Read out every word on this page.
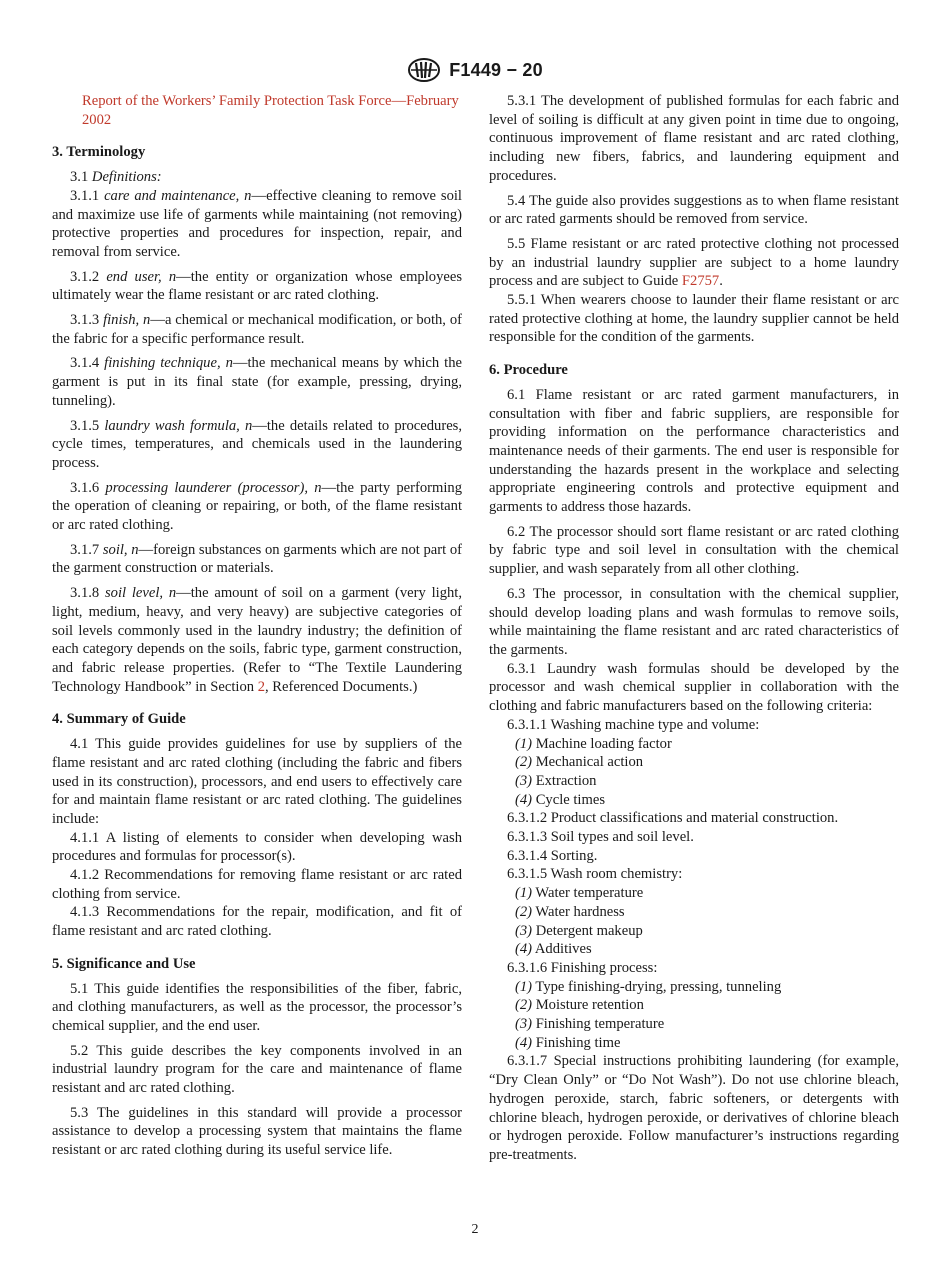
F1449 − 20

Report of the Workers’ Family Protection Task Force—February 2002

3. Terminology

3.1 Definitions:

3.1.1 care and maintenance, n—effective cleaning to remove soil and maximize use life of garments while maintaining (not removing) protective properties and procedures for inspection, repair, and removal from service.

3.1.2 end user, n—the entity or organization whose employees ultimately wear the flame resistant or arc rated clothing.

3.1.3 finish, n—a chemical or mechanical modification, or both, of the fabric for a specific performance result.

3.1.4 finishing technique, n—the mechanical means by which the garment is put in its final state (for example, pressing, drying, tunneling).

3.1.5 laundry wash formula, n—the details related to procedures, cycle times, temperatures, and chemicals used in the laundering process.

3.1.6 processing launderer (processor), n—the party performing the operation of cleaning or repairing, or both, of the flame resistant or arc rated clothing.

3.1.7 soil, n—foreign substances on garments which are not part of the garment construction or materials.

3.1.8 soil level, n—the amount of soil on a garment (very light, light, medium, heavy, and very heavy) are subjective categories of soil levels commonly used in the laundry industry; the definition of each category depends on the soils, fabric type, garment construction, and fabric release properties. (Refer to “The Textile Laundering Technology Handbook” in Section 2, Referenced Documents.)

4. Summary of Guide

4.1 This guide provides guidelines for use by suppliers of the flame resistant and arc rated clothing (including the fabric and fibers used in its construction), processors, and end users to effectively care for and maintain flame resistant or arc rated clothing. The guidelines include:

4.1.1 A listing of elements to consider when developing wash procedures and formulas for processor(s).

4.1.2 Recommendations for removing flame resistant or arc rated clothing from service.

4.1.3 Recommendations for the repair, modification, and fit of flame resistant and arc rated clothing.

5. Significance and Use

5.1 This guide identifies the responsibilities of the fiber, fabric, and clothing manufacturers, as well as the processor, the processor’s chemical supplier, and the end user.

5.2 This guide describes the key components involved in an industrial laundry program for the care and maintenance of flame resistant and arc rated clothing.

5.3 The guidelines in this standard will provide a processor assistance to develop a processing system that maintains the flame resistant or arc rated clothing during its useful service life.

5.3.1 The development of published formulas for each fabric and level of soiling is difficult at any given point in time due to ongoing, continuous improvement of flame resistant and arc rated clothing, including new fibers, fabrics, and laundering equipment and procedures.

5.4 The guide also provides suggestions as to when flame resistant or arc rated garments should be removed from service.

5.5 Flame resistant or arc rated protective clothing not processed by an industrial laundry supplier are subject to a home laundry process and are subject to Guide F2757.

5.5.1 When wearers choose to launder their flame resistant or arc rated protective clothing at home, the laundry supplier cannot be held responsible for the condition of the garments.

6. Procedure

6.1 Flame resistant or arc rated garment manufacturers, in consultation with fiber and fabric suppliers, are responsible for providing information on the performance characteristics and maintenance needs of their garments. The end user is responsible for understanding the hazards present in the workplace and selecting appropriate engineering controls and protective equipment and garments to address those hazards.

6.2 The processor should sort flame resistant or arc rated clothing by fabric type and soil level in consultation with the chemical supplier, and wash separately from all other clothing.

6.3 The processor, in consultation with the chemical supplier, should develop loading plans and wash formulas to remove soils, while maintaining the flame resistant and arc rated characteristics of the garments.

6.3.1 Laundry wash formulas should be developed by the processor and wash chemical supplier in collaboration with the clothing and fabric manufacturers based on the following criteria:

6.3.1.1 Washing machine type and volume:
(1) Machine loading factor
(2) Mechanical action
(3) Extraction
(4) Cycle times
6.3.1.2 Product classifications and material construction.
6.3.1.3 Soil types and soil level.
6.3.1.4 Sorting.
6.3.1.5 Wash room chemistry:
(1) Water temperature
(2) Water hardness
(3) Detergent makeup
(4) Additives
6.3.1.6 Finishing process:
(1) Type finishing-drying, pressing, tunneling
(2) Moisture retention
(3) Finishing temperature
(4) Finishing time

6.3.1.7 Special instructions prohibiting laundering (for example, “Dry Clean Only” or “Do Not Wash”). Do not use chlorine bleach, hydrogen peroxide, starch, fabric softeners, or detergents with chlorine bleach, hydrogen peroxide, or derivatives of chlorine bleach or hydrogen peroxide. Follow manufacturer’s instructions regarding pre-treatments.

2
